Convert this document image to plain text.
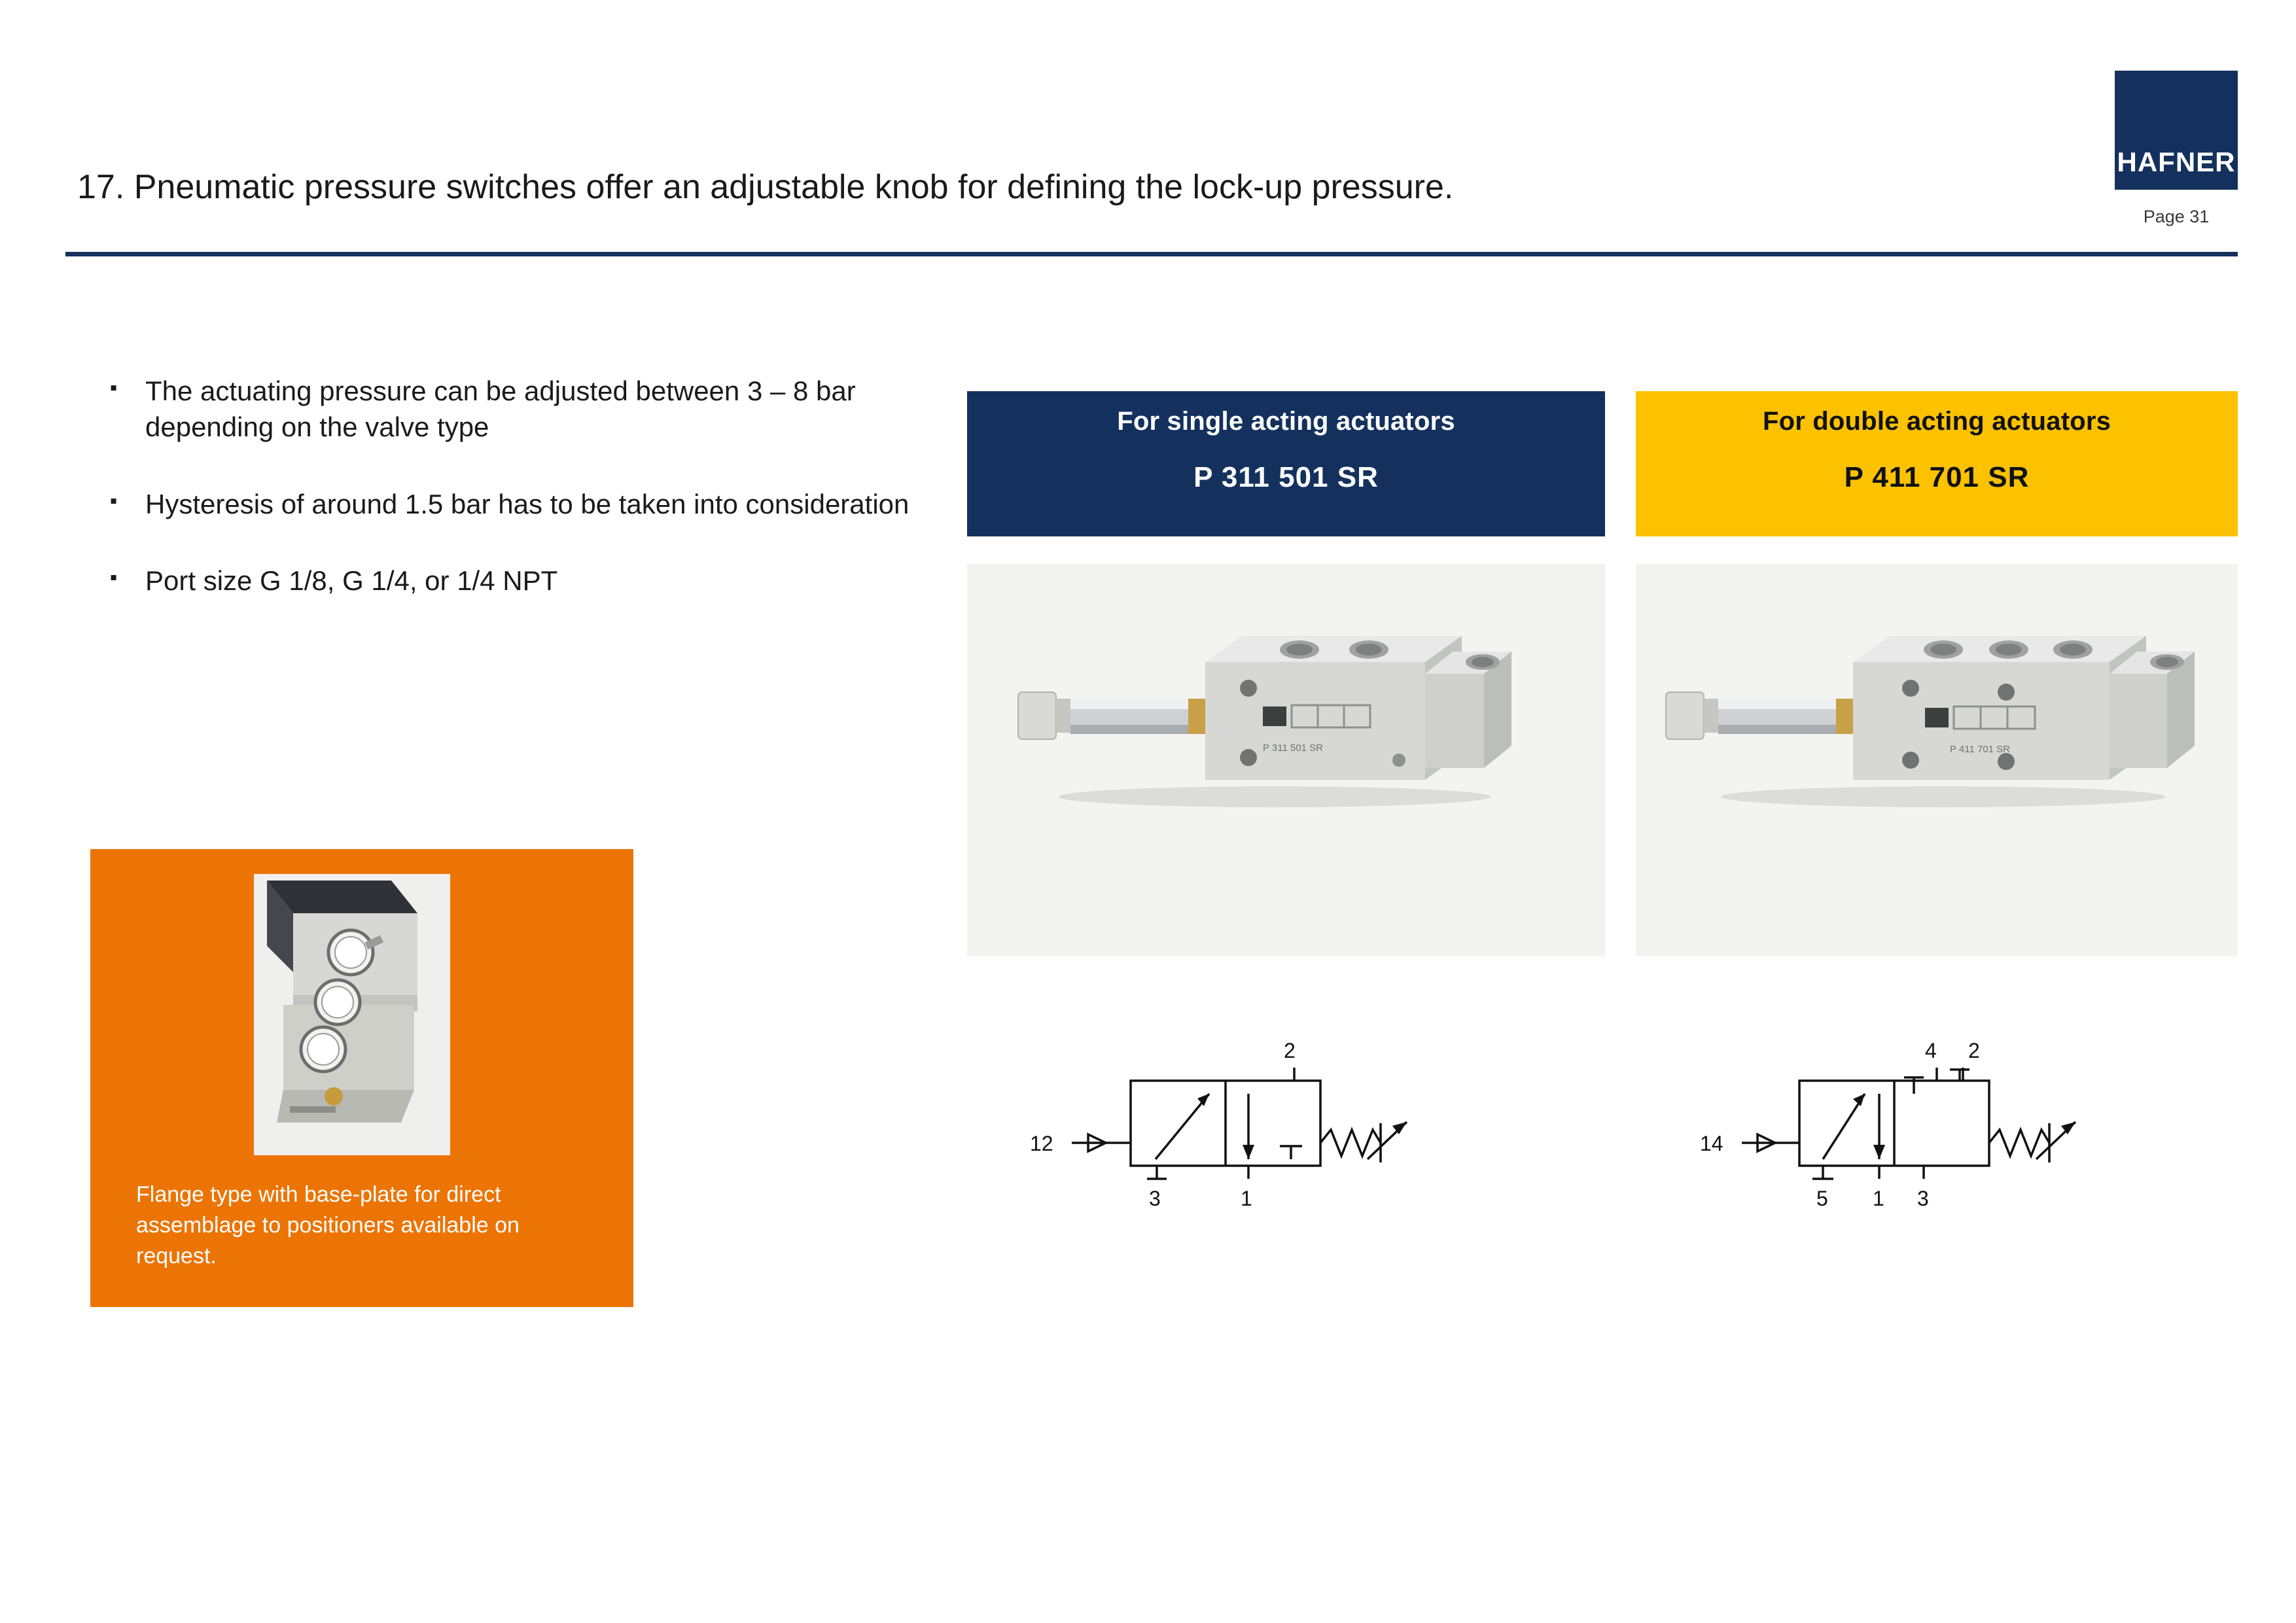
HAFNER
Page 31
17. Pneumatic pressure switches offer an adjustable knob for defining the lock-up pressure.
▪ The actuating pressure can be adjusted between 3 – 8 bar depending on the valve type
▪ Hysteresis of around 1.5 bar has to be taken into consideration
▪ Port size G 1/8, G 1/4, or 1/4 NPT
Flange type with base-plate for direct assemblage to positioners available on request.
For single acting actuators
P 311 501 SR
P 311 501 SR
2
3	1
12
For double acting actuators
P 411 701 SR
P 411 701 SR
4 2
5 1 3
14
